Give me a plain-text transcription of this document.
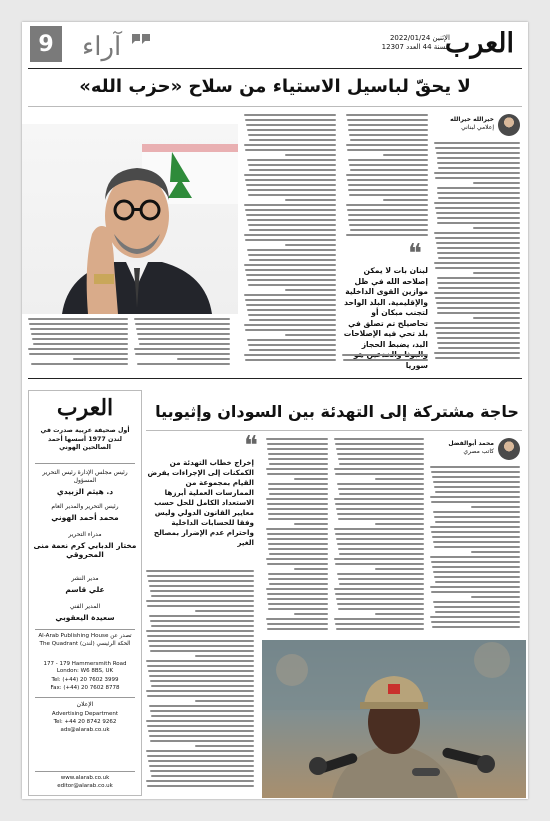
العرب
الإثنين 2022/01/24
السنة 44 العدد 12307
آراء
9
لا يحقّ لباسيل الاستياء من سلاح «حزب الله»
خيرالله خيرالله
إعلامي لبناني
❝
لبنان بات لا يمكن إصلاحه الله في ظل موازين القوى الداخلية والإقليمية. البلد الواحد لتجنب مبكان أو تحاصيلح تم تصلق في بلد تحي فيه الإصلاحات البد، يضبط الحجاز سوريا
العرب
أول صحيفة عربية صدرت في لندن 1977 أسسها أحمد الصالحين الهوني
رئيس مجلس الإدارة رئيس التحرير المسؤول
د. هيثم الزبيدي
رئيس التحرير والمدير العام
محمد أحمد الهوني
مدراء التحرير
مختار الدبابي كرم نعمة منى المحروقي
مدير النشر
علي قاسم
المدير الفني
سعيدة اليعقوبي
تصدر عن Al-Arab Publishing House الحكة الرئيسي (لندن) The Quadrant
177 - 179 Hammersmith Road London: W6 8BS, UK
Tel: (+44) 20 7602 3999
Fax: (+44) 20 7602 8778
الإعلان
Advertising Department
Tel: +44 20 8742 9262
ads@alarab.co.uk
www.alarab.co.uk
editor@alarab.co.uk
حاجة مشتركة إلى التهدئة بين السودان وإثيوبيا
محمد أبوالفضل
كاتب مصري
❝
إخراج خطاب التهدئة من الكمكنات إلى الإجراءات يفرض القيام بمجموعة من الممارسات العملية أبرزها الاستعداد الكامل للحل حسب معايير القانون الدولي وليس وفقا للحسابات الداخلية واحترام عدم الإضرار بمصالح الغير
